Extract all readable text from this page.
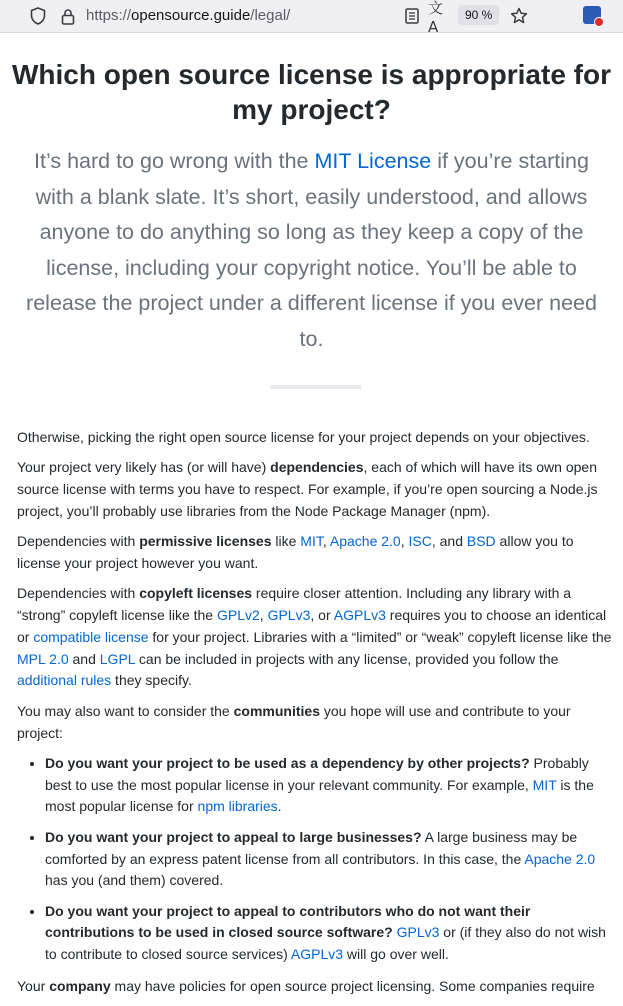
https://opensource.guide/legal/	文A
90 %
Which open source license is appropriate for my project?
It’s hard to go wrong with the MIT License if you’re starting with a blank slate. It’s short, easily understood, and allows anyone to do anything so long as they keep a copy of the license, including your copyright notice. You’ll be able to release the project under a different license if you ever need to.

Otherwise, picking the right open source license for your project depends on your objectives.

Your project very likely has (or will have) dependencies, each of which will have its own open source license with terms you have to respect. For example, if you’re open sourcing a Node.js project, you’ll probably use libraries from the Node Package Manager (npm).

Dependencies with permissive licenses like MIT, Apache 2.0, ISC, and BSD allow you to license your project however you want.

Dependencies with copyleft licenses require closer attention. Including any library with a “strong” copyleft license like the GPLv2, GPLv3, or AGPLv3 requires you to choose an identical or compatible license for your project. Libraries with a “limited” or “weak” copyleft license like the MPL 2.0 and LGPL can be included in projects with any license, provided you follow the additional rules they specify.

You may also want to consider the communities you hope will use and contribute to your project:

• Do you want your project to be used as a dependency by other projects? Probably best to use the most popular license in your relevant community. For example, MIT is the most popular license for npm libraries.
• Do you want your project to appeal to large businesses? A large business may be comforted by an express patent license from all contributors. In this case, the Apache 2.0 has you (and them) covered.
• Do you want your project to appeal to contributors who do not want their contributions to be used in closed source software? GPLv3 or (if they also do not wish to contribute to closed source services) AGPLv3 will go over well.

Your company may have policies for open source project licensing. Some companies require
